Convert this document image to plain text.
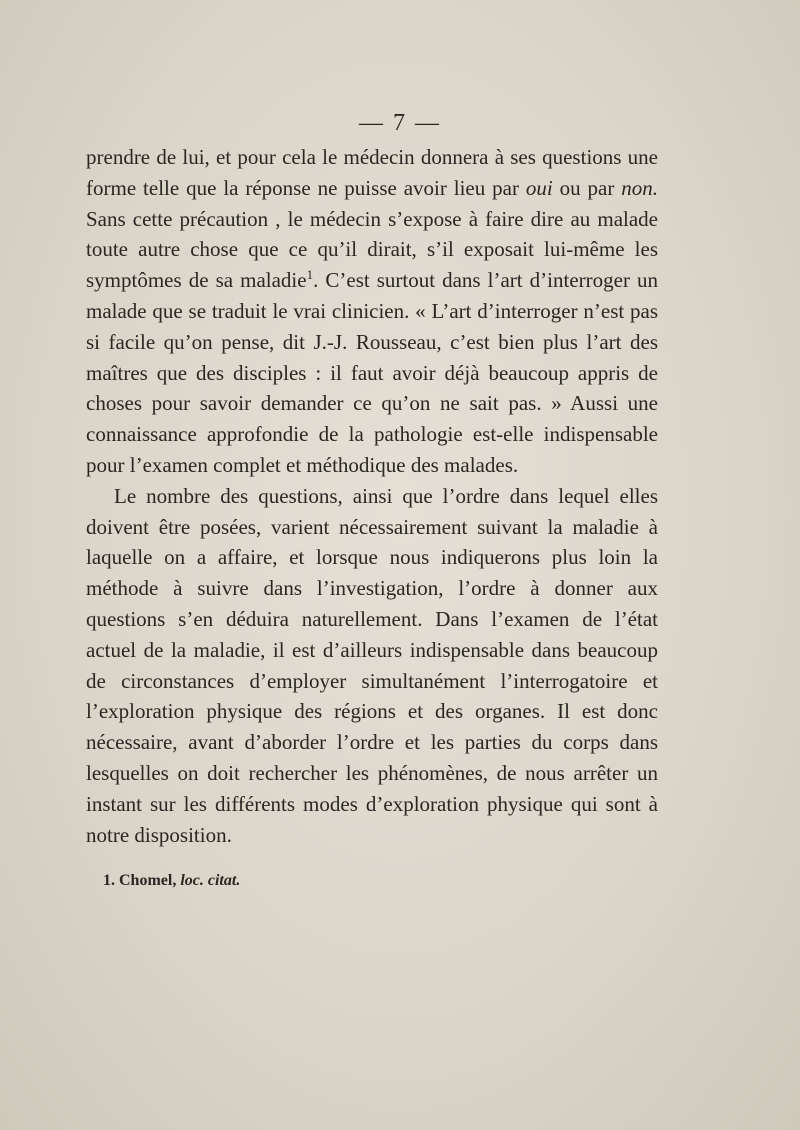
— 7 —

prendre de lui, et pour cela le médecin donnera à ses questions une forme telle que la réponse ne puisse avoir lieu par oui ou par non. Sans cette précaution , le médecin s’expose à faire dire au malade toute autre chose que ce qu’il dirait, s’il exposait lui-même les symptômes de sa maladie$^1$. C’est surtout dans l’art d’interroger un malade que se traduit le vrai clinicien. « L’art d’interroger n’est pas si facile qu’on pense, dit J.-J. Rousseau, c’est bien plus l’art des maîtres que des disciples : il faut avoir déjà beaucoup appris de choses pour savoir demander ce qu’on ne sait pas. » Aussi une connaissance approfondie de la pathologie est-elle indispensable pour l’examen complet et méthodique des malades.

Le nombre des questions, ainsi que l’ordre dans lequel elles doivent être posées, varient nécessairement suivant la maladie à laquelle on a affaire, et lorsque nous indiquerons plus loin la méthode à suivre dans l’investigation, l’ordre à donner aux questions s’en déduira naturellement. Dans l’examen de l’état actuel de la maladie, il est d’ailleurs indispensable dans beaucoup de circonstances d’employer simultanément l’interrogatoire et l’exploration physique des régions et des organes. Il est donc nécessaire, avant d’aborder l’ordre et les parties du corps dans lesquelles on doit rechercher les phénomènes, de nous arrêter un instant sur les différents modes d’exploration physique qui sont à notre disposition.

1. Chomel, loc. citat.
